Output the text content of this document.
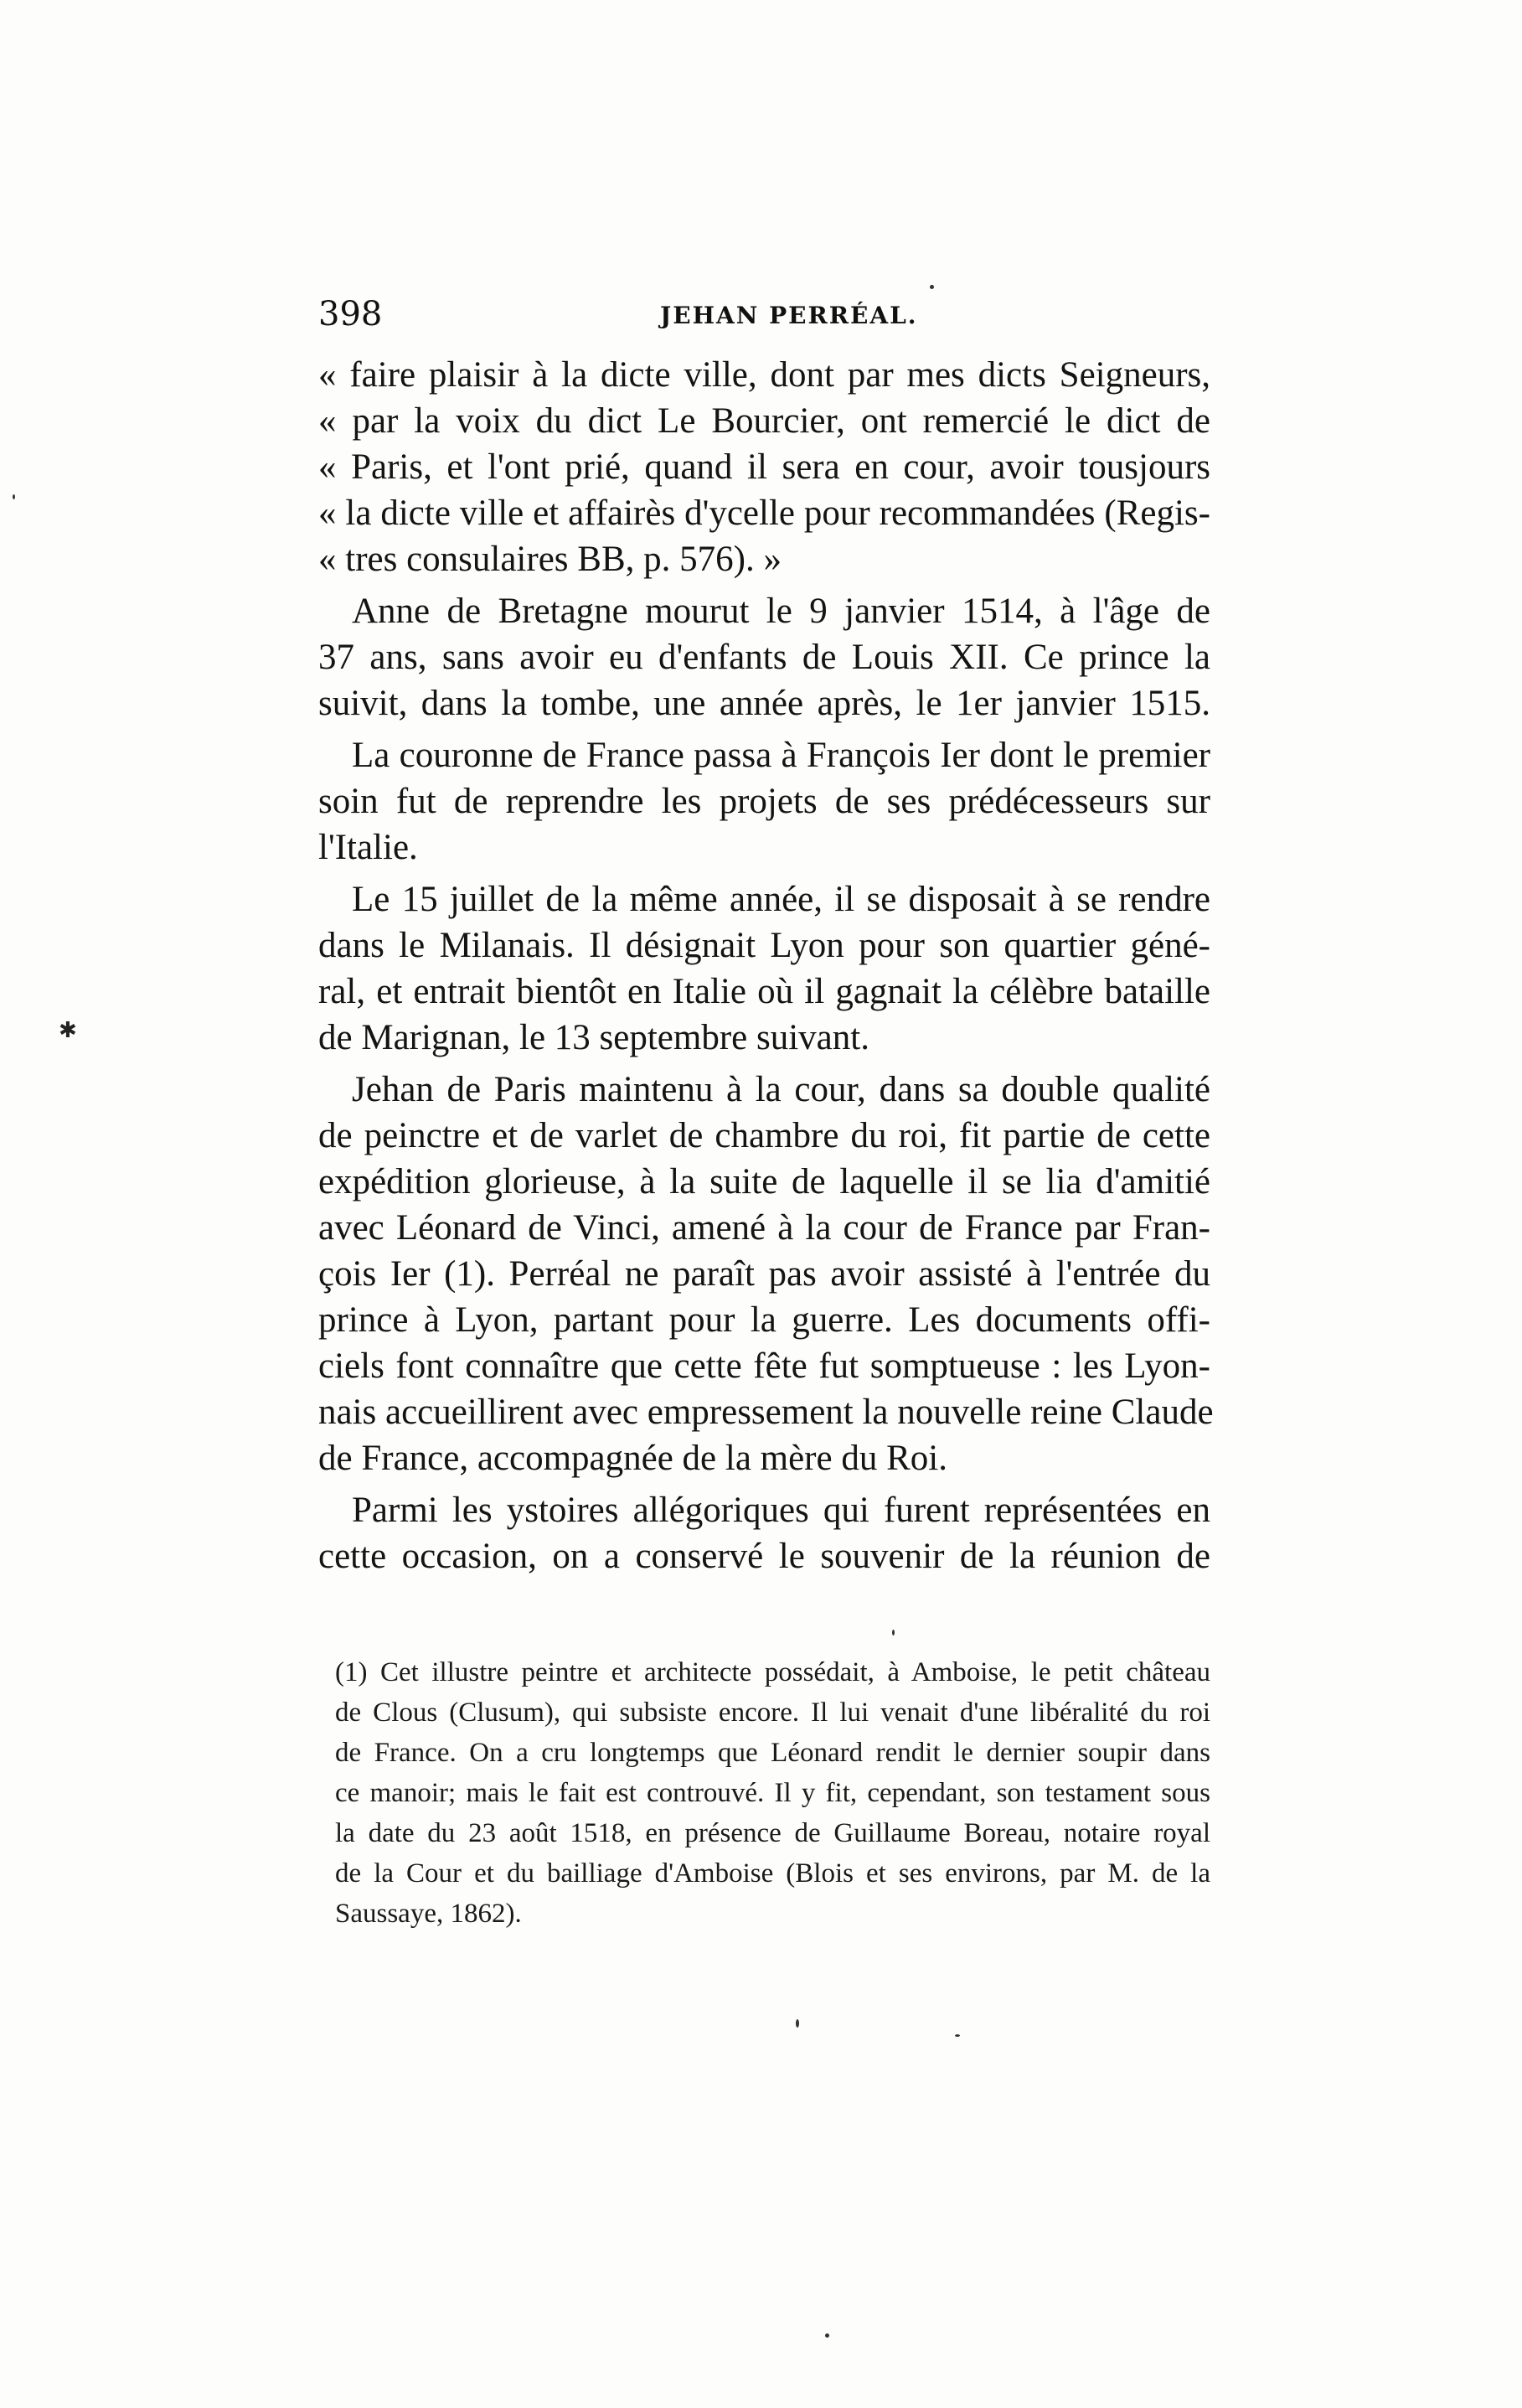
398	JEHAN PERRÉAL.
« faire plaisir à la dicte ville, dont par mes dicts Seigneurs,
« par la voix du dict Le Bourcier, ont remercié le dict de
« Paris, et l'ont prié, quand il sera en cour, avoir tousjours
« la dicte ville et affairès d'ycelle pour recommandées (Regis-
« tres consulaires BB, p. 576). »
Anne de Bretagne mourut le 9 janvier 1514, à l'âge de
37 ans, sans avoir eu d'enfants de Louis XII. Ce prince la
suivit, dans la tombe, une année après, le 1er janvier 1515.
La couronne de France passa à François Ier dont le premier
soin fut de reprendre les projets de ses prédécesseurs sur
l'Italie.
Le 15 juillet de la même année, il se disposait à se rendre
dans le Milanais. Il désignait Lyon pour son quartier géné-
ral, et entrait bientôt en Italie où il gagnait la célèbre bataille
de Marignan, le 13 septembre suivant.
Jehan de Paris maintenu à la cour, dans sa double qualité
de peinctre et de varlet de chambre du roi, fit partie de cette
expédition glorieuse, à la suite de laquelle il se lia d'amitié
avec Léonard de Vinci, amené à la cour de France par Fran-
çois Ier (1). Perréal ne paraît pas avoir assisté à l'entrée du
prince à Lyon, partant pour la guerre. Les documents offi-
ciels font connaître que cette fête fut somptueuse : les Lyon-
nais accueillirent avec empressement la nouvelle reine Claude
de France, accompagnée de la mère du Roi.
Parmi les ystoires allégoriques qui furent représentées en
cette occasion, on a conservé le souvenir de la réunion de
(1) Cet illustre peintre et architecte possédait, à Amboise, le petit château
de Clous (Clusum), qui subsiste encore. Il lui venait d'une libéralité du roi
de France. On a cru longtemps que Léonard rendit le dernier soupir dans
ce manoir; mais le fait est controuvé. Il y fit, cependant, son testament sous
la date du 23 août 1518, en présence de Guillaume Boreau, notaire royal
de la Cour et du bailliage d'Amboise (Blois et ses environs, par M. de la
Saussaye, 1862).
✱
